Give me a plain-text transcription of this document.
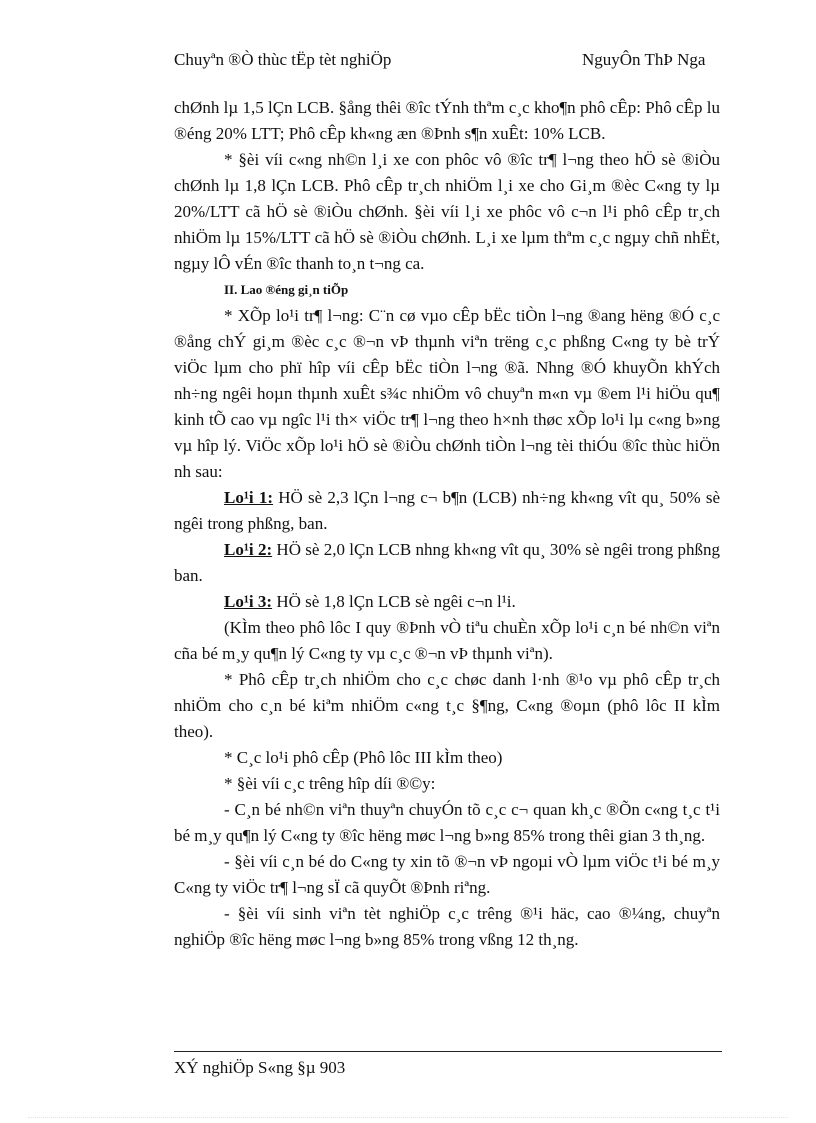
Chuyªn ®Ò thùc tËp tèt nghiÖp	NguyÔn ThÞ Nga

chØnh lµ 1,5 lÇn LCB. §ång thêi ®îc tÝnh thªm c¸c kho¶n phô cÊp: Phô cÊp lu ®éng 20% LTT; Phô cÊp kh«ng æn ®Þnh s¶n xuÊt: 10% LCB.

* §èi víi c«ng nh©n l¸i xe con phôc vô ®îc tr¶ l¬ng theo hÖ sè ®iÒu chØnh lµ 1,8 lÇn LCB. Phô cÊp tr¸ch nhiÖm l¸i xe cho Gi¸m ®èc C«ng ty lµ 20%/LTT cã hÖ sè ®iÒu chØnh. §èi víi l¸i xe phôc vô c¬n l¹i phô cÊp tr¸ch nhiÖm lµ 15%/LTT cã hÖ sè ®iÒu chØnh. L¸i xe lµm thªm c¸c ngµy chñ nhËt, ngµy lÔ vÉn ®îc thanh to¸n t¬ng ca.

II. Lao ®éng gi¸n tiÕp

* XÕp lo¹i tr¶ l¬ng: C¨n cø vµo cÊp bËc tiÒn l¬ng ®ang hëng ®Ó c¸c ®ång chÝ gi¸m ®èc c¸c ®¬n vÞ thµnh viªn trëng c¸c phßng C«ng ty bè trÝ viÖc lµm cho phï hîp víi cÊp bËc tiÒn l¬ng ®ã. Nhng ®Ó khuyÕn khÝch nh÷ng ngêi hoµn thµnh xuÊt s¾c nhiÖm vô chuyªn m«n vµ ®em l¹i hiÖu qu¶ kinh tÕ cao vµ ngîc l¹i th× viÖc tr¶ l¬ng theo h×nh thøc xÕp lo¹i lµ c«ng b»ng vµ hîp lý. ViÖc xÕp lo¹i hÖ sè ®iÒu chØnh tiÒn l¬ng tèi thiÓu ®îc thùc hiÖn nh sau:

Lo¹i 1: HÖ sè 2,3 lÇn l¬ng c¬ b¶n (LCB) nh÷ng kh«ng vît qu¸ 50% sè ngêi trong phßng, ban.

Lo¹i 2: HÖ sè 2,0 lÇn LCB nhng kh«ng vît qu¸ 30% sè ngêi trong phßng ban.

Lo¹i 3: HÖ sè 1,8 lÇn LCB sè ngêi c¬n l¹i.

(KÌm theo phô lôc I quy ®Þnh vÒ tiªu chuÈn xÕp lo¹i c¸n bé nh©n viªn cña bé m¸y qu¶n lý C«ng ty vµ c¸c ®¬n vÞ thµnh viªn).

* Phô cÊp tr¸ch nhiÖm cho c¸c chøc danh l·nh ®¹o vµ phô cÊp tr¸ch nhiÖm cho c¸n bé kiªm nhiÖm c«ng t¸c §¶ng, C«ng ®oµn (phô lôc II kÌm theo).

* C¸c lo¹i phô cÊp (Phô lôc III kÌm theo)

* §èi víi c¸c trêng hîp díi ®©y:

- C¸n bé nh©n viªn thuyªn chuyÓn tõ c¸c c¬ quan kh¸c ®Õn c«ng t¸c t¹i bé m¸y qu¶n lý C«ng ty ®îc hëng møc l¬ng b»ng 85% trong thêi gian 3 th¸ng.

- §èi víi c¸n bé do C«ng ty xin tõ ®¬n vÞ ngoµi vÒ lµm viÖc t¹i bé m¸y C«ng ty viÖc tr¶ l¬ng sÏ cã quyÕt ®Þnh riªng.

- §èi víi sinh viªn tèt nghiÖp c¸c trêng ®¹i häc, cao ®¼ng, chuyªn nghiÖp ®îc hëng møc l¬ng b»ng 85% trong vßng 12 th¸ng.

XÝ nghiÖp S«ng §µ 903
